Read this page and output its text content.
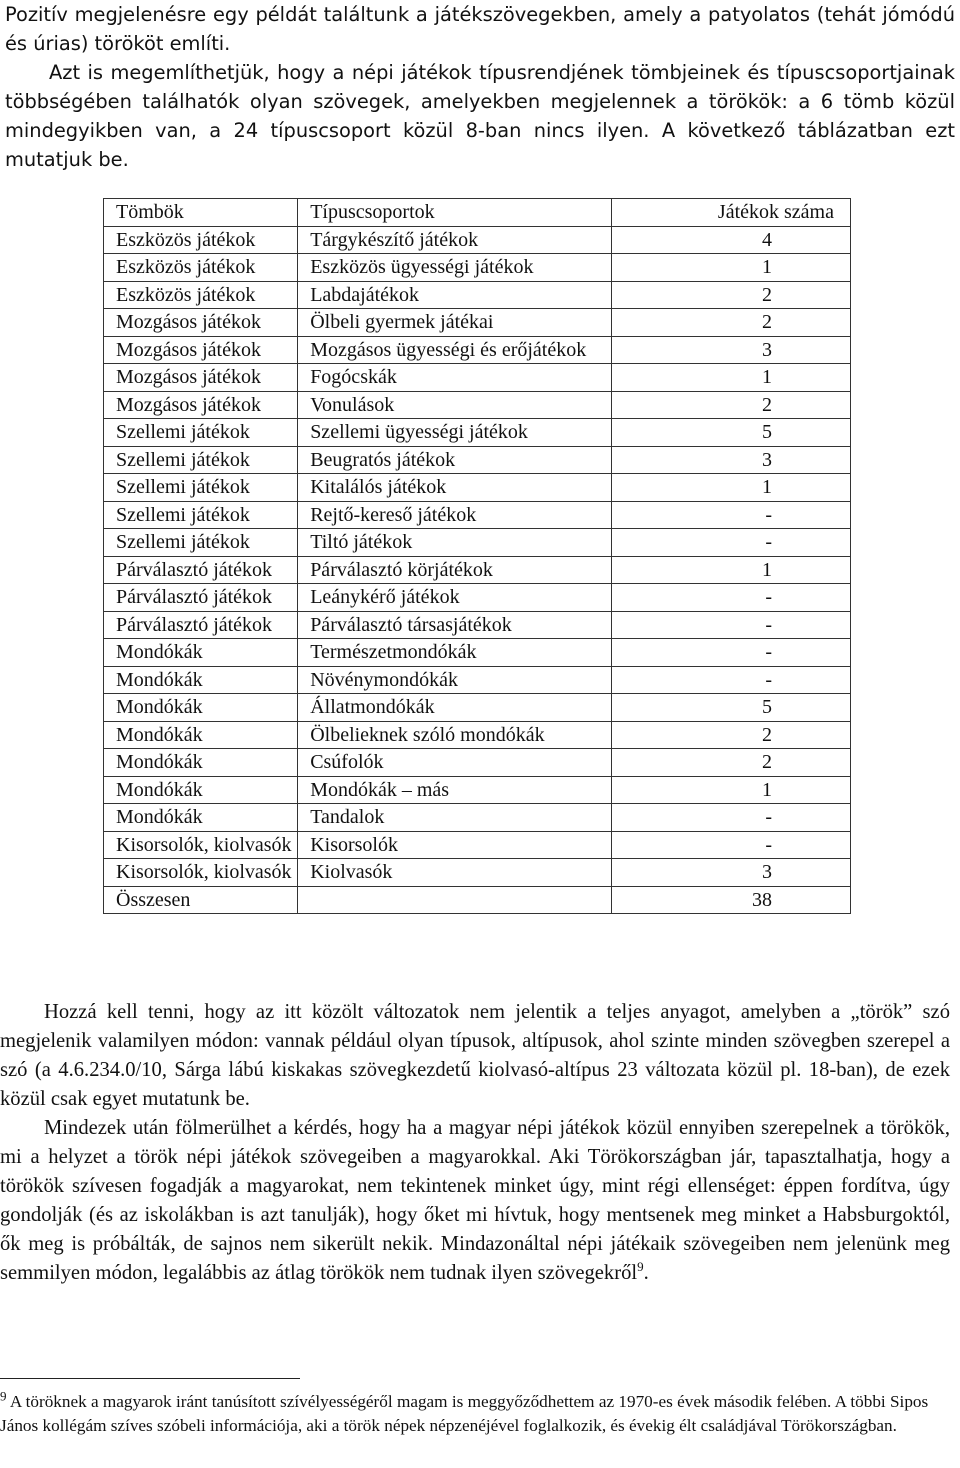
Pozitív megjelenésre egy példát találtunk a játékszövegekben, amely a patyolatos (tehát jómódú és úrias) törököt említi.

Azt is megemlíthetjük, hogy a népi játékok típusrendjének tömbjeinek és típuscsoportjainak többségében találhatók olyan szövegek, amelyekben megjelennek a törökök: a 6 tömb közül mindegyikben van, a 24 típuscsoport közül 8-ban nincs ilyen. A következő táblázatban ezt mutatjuk be.

Tömbök	Típuscsoportok	Játékok száma
Eszközös játékok	Tárgykészítő játékok	4
Eszközös játékok	Eszközös ügyességi játékok	1
Eszközös játékok	Labdajátékok	2
Mozgásos játékok	Ölbeli gyermek játékai	2
Mozgásos játékok	Mozgásos ügyességi és erőjátékok	3
Mozgásos játékok	Fogócskák	1
Mozgásos játékok	Vonulások	2
Szellemi játékok	Szellemi ügyességi játékok	5
Szellemi játékok	Beugratós játékok	3
Szellemi játékok	Kitalálós játékok	1
Szellemi játékok	Rejtő-kereső játékok	-
Szellemi játékok	Tiltó játékok	-
Párválasztó játékok	Párválasztó körjátékok	1
Párválasztó játékok	Leánykérő játékok	-
Párválasztó játékok	Párválasztó társasjátékok	-
Mondókák	Természetmondókák	-
Mondókák	Növénymondókák	-
Mondókák	Állatmondókák	5
Mondókák	Ölbelieknek szóló mondókák	2
Mondókák	Csúfolók	2
Mondókák	Mondókák – más	1
Mondókák	Tandalok	-
Kisorsolók, kiolvasók	Kisorsolók	-
Kisorsolók, kiolvasók	Kiolvasók	3
Összesen		38

Hozzá kell tenni, hogy az itt közölt változatok nem jelentik a teljes anyagot, amelyben a „török” szó megjelenik valamilyen módon: vannak például olyan típusok, altípusok, ahol szinte minden szövegben szerepel a szó (a 4.6.234.0/10, Sárga lábú kiskakas szövegkezdetű kiolvasó-altípus 23 változata közül pl. 18-ban), de ezek közül csak egyet mutatunk be.

Mindezek után fölmerülhet a kérdés, hogy ha a magyar népi játékok közül ennyiben szerepelnek a törökök, mi a helyzet a török népi játékok szövegeiben a magyarokkal. Aki Törökországban jár, tapasztalhatja, hogy a törökök szívesen fogadják a magyarokat, nem tekintenek minket úgy, mint régi ellenséget: éppen fordítva, úgy gondolják (és az iskolákban is azt tanulják), hogy őket mi hívtuk, hogy mentsenek meg minket a Habsburgoktól, ők meg is próbálták, de sajnos nem sikerült nekik. Mindazonáltal népi játékaik szövegeiben nem jelenünk meg semmilyen módon, legalábbis az átlag törökök nem tudnak ilyen szövegekről$^9$.

$^9$ A töröknek a magyarok iránt tanúsított szívélyességéről magam is meggyőződhettem az 1970-es évek második felében. A többi Sipos János kollégám szíves szóbeli információja, aki a török népek népzenéjével foglalkozik, és évekig élt családjával Törökországban.
